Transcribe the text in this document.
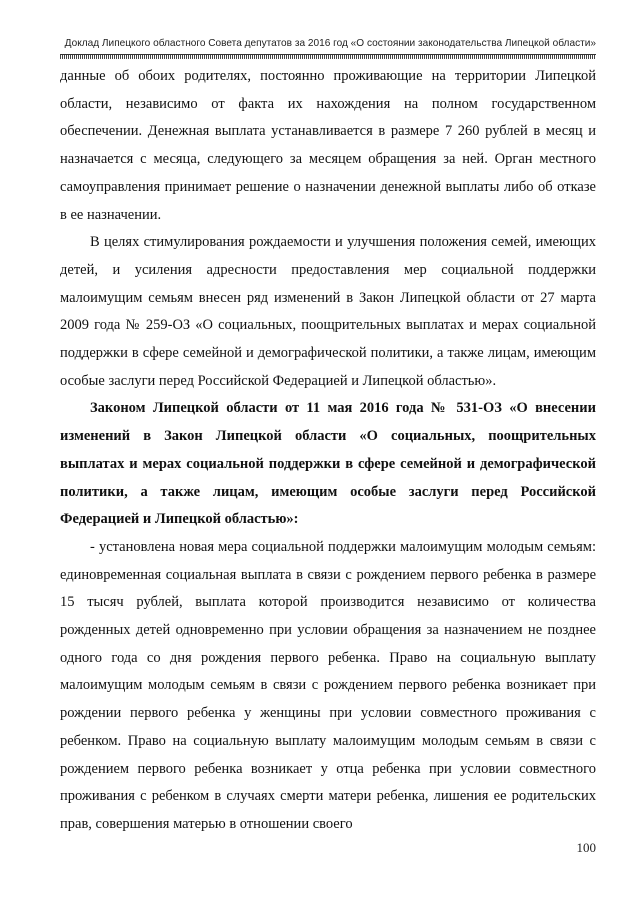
Доклад Липецкого областного Совета депутатов за 2016 год «О состоянии законодательства Липецкой области»

данные об обоих родителях, постоянно проживающие на территории Липецкой области, независимо от факта их нахождения на полном государственном обеспечении. Денежная выплата устанавливается в размере 7 260 рублей в месяц и назначается с месяца, следующего за месяцем обращения за ней. Орган местного самоуправления принимает решение о назначении денежной выплаты либо об отказе в ее назначении.

В целях стимулирования рождаемости и улучшения положения семей, имеющих детей, и усиления адресности предоставления мер социальной поддержки малоимущим семьям внесен ряд изменений в Закон Липецкой области от 27 марта 2009 года № 259-ОЗ «О социальных, поощрительных выплатах и мерах социальной поддержки в сфере семейной и демографической политики, а также лицам, имеющим особые заслуги перед Российской Федерацией и Липецкой областью».

Законом Липецкой области от 11 мая 2016 года № 531-ОЗ «О внесении изменений в Закон Липецкой области «О социальных, поощрительных выплатах и мерах социальной поддержки в сфере семейной и демографической политики, а также лицам, имеющим особые заслуги перед Российской Федерацией и Липецкой областью»:

- установлена новая мера социальной поддержки малоимущим молодым семьям: единовременная социальная выплата в связи с рождением первого ребенка в размере 15 тысяч рублей, выплата которой производится независимо от количества рожденных детей одновременно при условии обращения за назначением не позднее одного года со дня рождения первого ребенка. Право на социальную выплату малоимущим молодым семьям в связи с рождением первого ребенка возникает при рождении первого ребенка у женщины при условии совместного проживания с ребенком. Право на социальную выплату малоимущим молодым семьям в связи с рождением первого ребенка возникает у отца ребенка при условии совместного проживания с ребенком в случаях смерти матери ребенка, лишения ее родительских прав, совершения матерью в отношении своего

100
